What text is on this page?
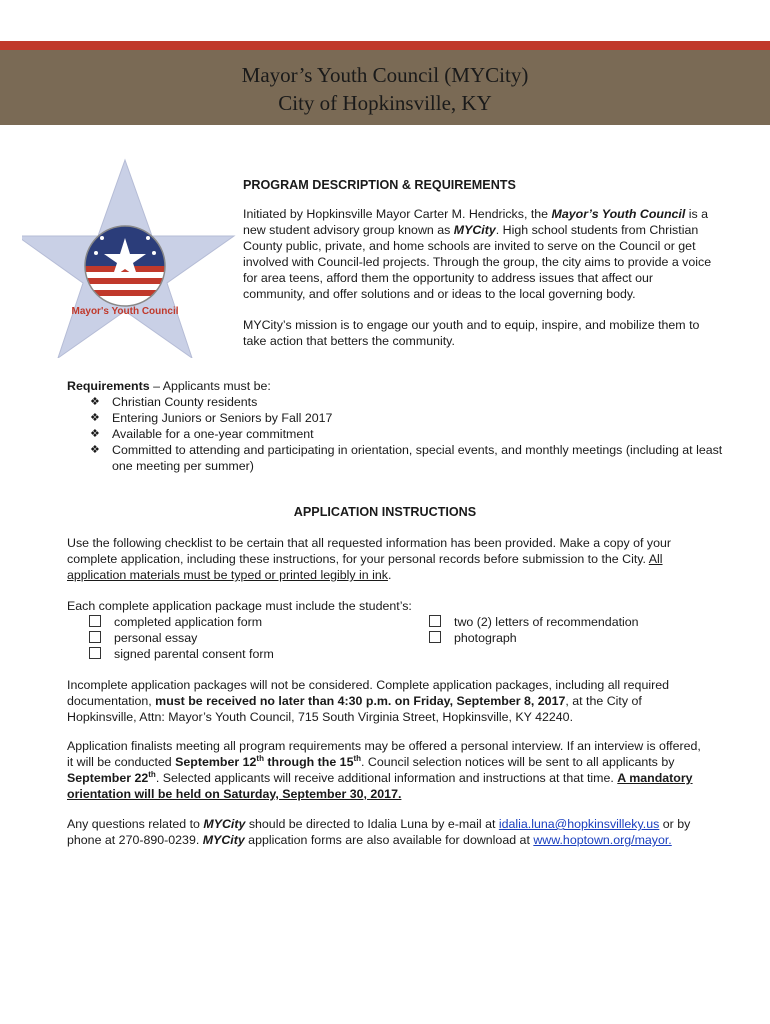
Mayor’s Youth Council (MYCity)
City of Hopkinsville, KY
Mayor's Youth Council
PROGRAM DESCRIPTION & REQUIREMENTS

Initiated by Hopkinsville Mayor Carter M. Hendricks, the Mayor’s Youth Council is a new student advisory group known as MYCity. High school students from Christian County public, private, and home schools are invited to serve on the Council or get involved with Council-led projects. Through the group, the city aims to provide a voice for area teens, afford them the opportunity to address issues that affect our community, and offer solutions and or ideas to the local governing body.

MYCity’s mission is to engage our youth and to equip, inspire, and mobilize them to take action that betters the community.

Requirements – Applicants must be:
❖ Christian County residents
❖ Entering Juniors or Seniors by Fall 2017
❖ Available for a one-year commitment
❖ Committed to attending and participating in orientation, special events, and monthly meetings (including at least one meeting per summer)
APPLICATION INSTRUCTIONS

Use the following checklist to be certain that all requested information has been provided. Make a copy of your complete application, including these instructions, for your personal records before submission to the City. All application materials must be typed or printed legibly in ink.

Each complete application package must include the student’s:
completed application form
personal essay
signed parental consent form
two (2) letters of recommendation
photograph

Incomplete application packages will not be considered. Complete application packages, including all required documentation, must be received no later than 4:30 p.m. on Friday, September 8, 2017, at the City of Hopkinsville, Attn: Mayor’s Youth Council, 715 South Virginia Street, Hopkinsville, KY 42240.

Application finalists meeting all program requirements may be offered a personal interview. If an interview is offered, it will be conducted September 12th through the 15th. Council selection notices will be sent to all applicants by September 22th. Selected applicants will receive additional information and instructions at that time. A mandatory orientation will be held on Saturday, September 30, 2017.

Any questions related to MYCity should be directed to Idalia Luna by e-mail at idalia.luna@hopkinsvilleky.us or by phone at 270-890-0239. MYCity application forms are also available for download at www.hoptown.org/mayor.
